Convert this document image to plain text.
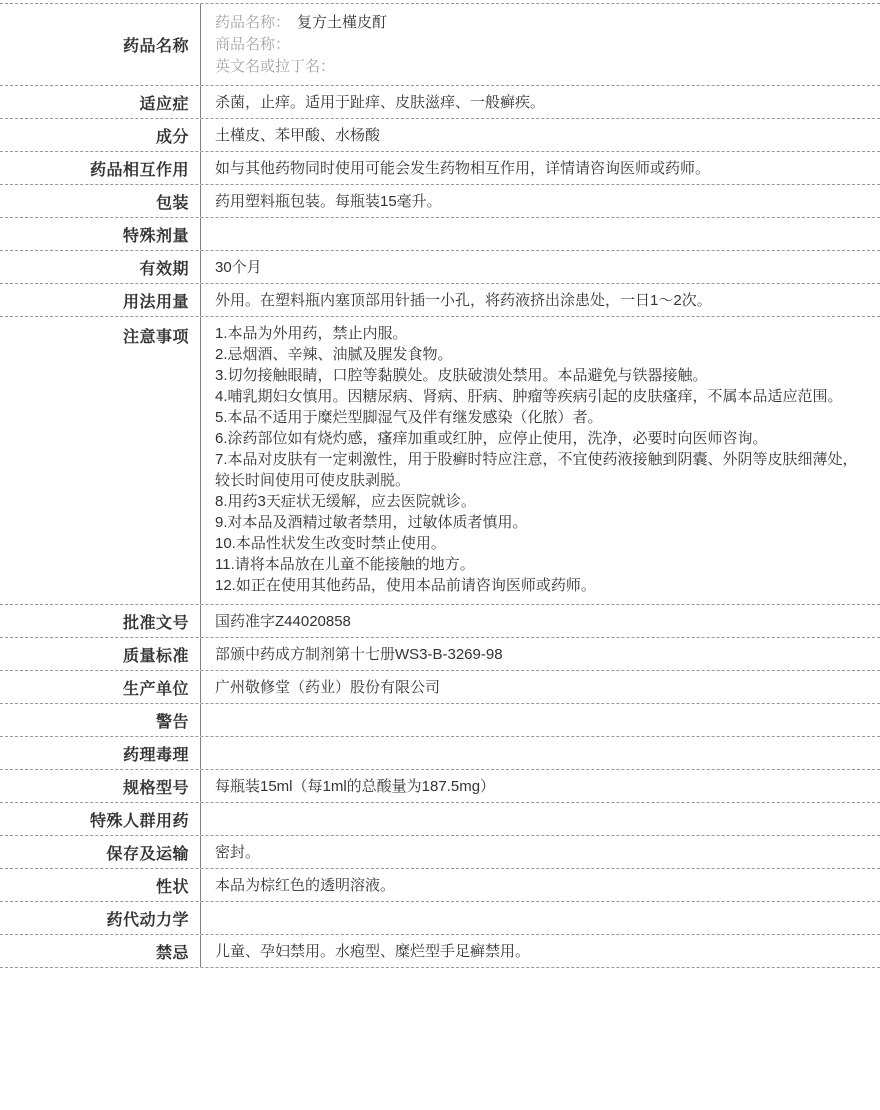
药品名称
药品名称： 复方土槿皮酊
商品名称：
英文名或拉丁名：
适应症	杀菌，止痒。适用于趾痒、皮肤滋痒、一般癣疾。
成分	土槿皮、苯甲酸、水杨酸
药品相互作用	如与其他药物同时使用可能会发生药物相互作用，详情请咨询医师或药师。
包装	药用塑料瓶包装。每瓶装15毫升。
特殊剂量
有效期	30个月
用法用量	外用。在塑料瓶内塞顶部用针插一小孔，将药液挤出涂患处，一日1～2次。
注意事项	1.本品为外用药，禁止内服。
2.忌烟酒、辛辣、油腻及腥发食物。
3.切勿接触眼睛，口腔等黏膜处。皮肤破溃处禁用。本品避免与铁器接触。
4.哺乳期妇女慎用。因糖尿病、肾病、肝病、肿瘤等疾病引起的皮肤瘙痒，不属本品适应范围。
5.本品不适用于糜烂型脚湿气及伴有继发感染（化脓）者。
6.涂药部位如有烧灼感，瘙痒加重或红肿，应停止使用，洗净，必要时向医师咨询。
7.本品对皮肤有一定刺激性，用于股癣时特应注意，不宜使药液接触到阴囊、外阴等皮肤细薄处，较长时间使用可使皮肤剥脱。
8.用药3天症状无缓解，应去医院就诊。
9.对本品及酒精过敏者禁用，过敏体质者慎用。
10.本品性状发生改变时禁止使用。
11.请将本品放在儿童不能接触的地方。
12.如正在使用其他药品，使用本品前请咨询医师或药师。
批准文号	国药准字Z44020858
质量标准	部颁中药成方制剂第十七册WS3-B-3269-98
生产单位	广州敬修堂（药业）股份有限公司
警告
药理毒理
规格型号	每瓶装15ml（每1ml的总酸量为187.5mg）
特殊人群用药
保存及运输	密封。
性状	本品为棕红色的透明溶液。
药代动力学
禁忌	儿童、孕妇禁用。水疱型、糜烂型手足癣禁用。
